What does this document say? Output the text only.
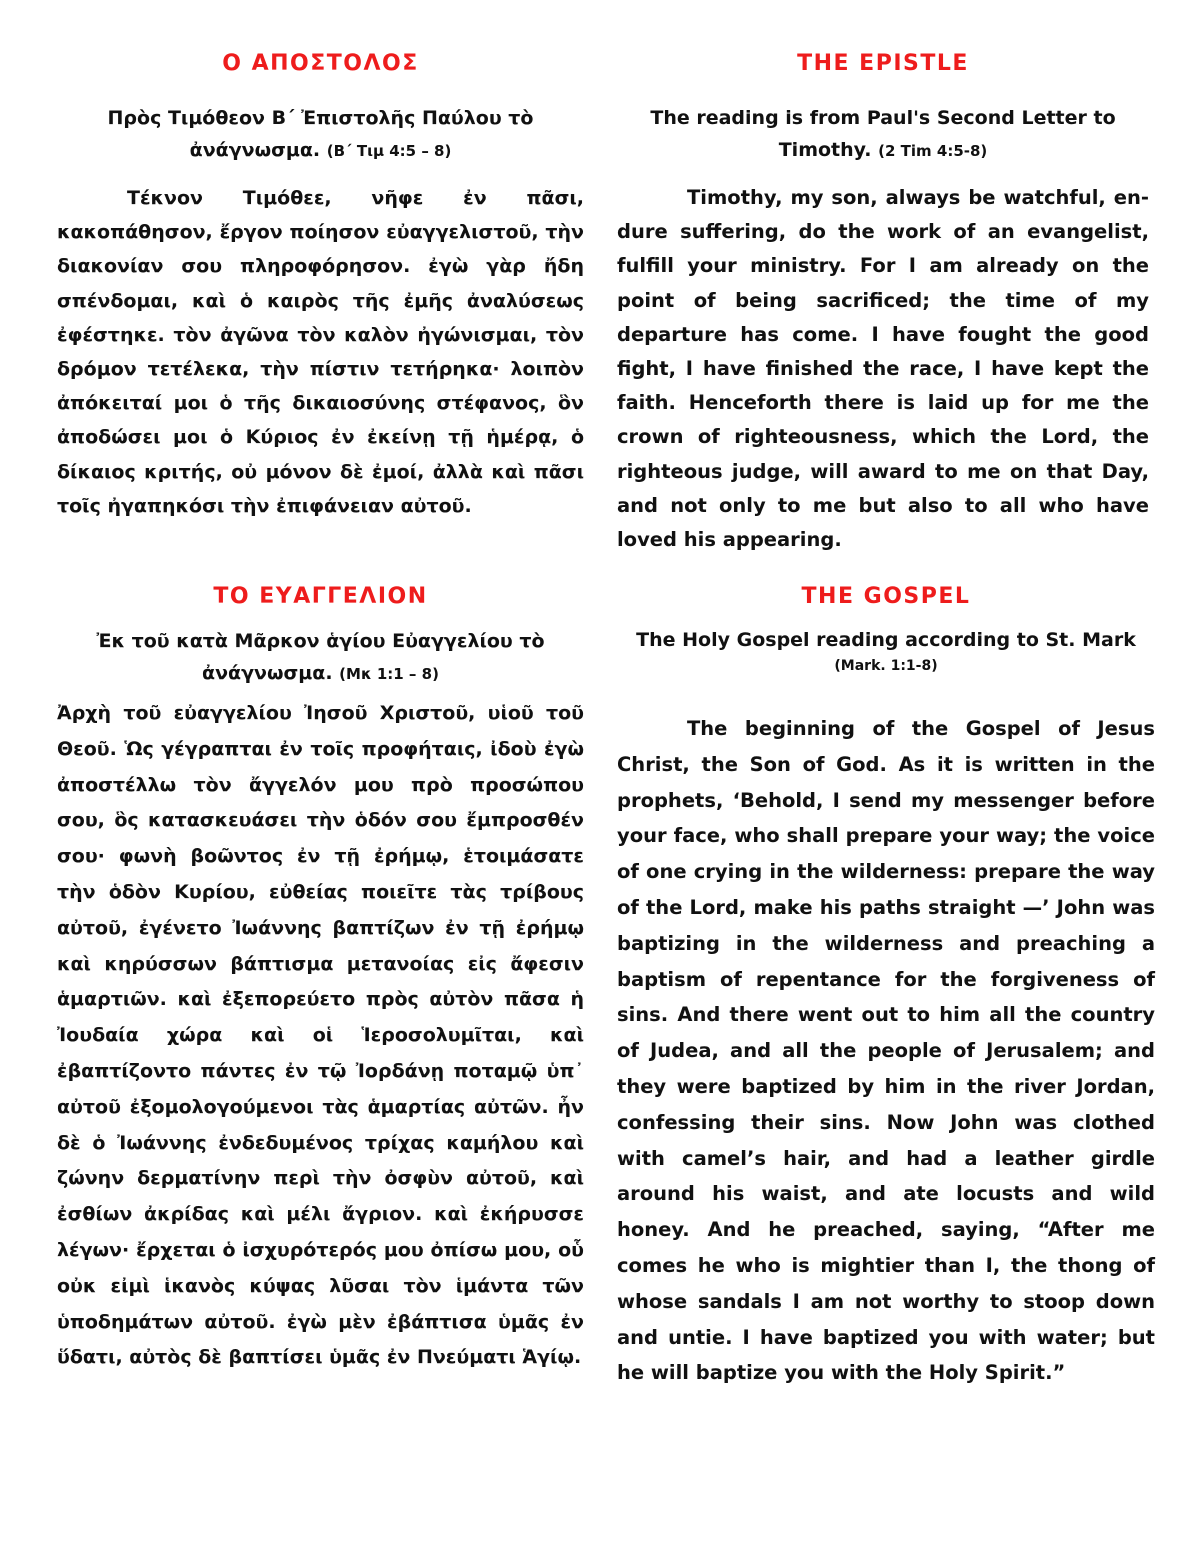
Ο ΑΠΟΣΤΟΛΟΣ

Πρὸς Τιμόθεον Β΄ Ἐπιστολῆς Παύλου τὸ ἀνάγνωσμα. (Β΄ Τιμ 4:5 – 8)

Τέκνον Τιμόθεε, νῆφε ἐν πᾶσι, κακοπάθησον, ἔργον ποίησον εὐαγγελιστοῦ, τὴν διακονίαν σου πληροφόρησον. ἐγὼ γὰρ ἤδη σπένδομαι, καὶ ὁ καιρὸς τῆς ἐμῆς ἀναλύσεως ἐφέστηκε. τὸν ἀγῶνα τὸν καλὸν ἠγώνισμαι, τὸν δρόμον τετέλεκα, τὴν πίστιν τετήρηκα· λοιπὸν ἀπόκειταί μοι ὁ τῆς δικαιοσύνης στέφανος, ὃν ἀποδώσει μοι ὁ Κύριος ἐν ἐκείνῃ τῇ ἡμέρᾳ, ὁ δίκαιος κριτής, οὐ μόνον δὲ ἐμοί, ἀλλὰ καὶ πᾶσι τοῖς ἠγαπηκόσι τὴν ἐπιφάνειαν αὐτοῦ.

THE EPISTLE

The reading is from Paul's Second Letter to Timothy. (2 Tim 4:5-8)

Timothy, my son, always be watchful, endure suffering, do the work of an evangelist, fulfill your ministry. For I am already on the point of being sacrificed; the time of my departure has come. I have fought the good fight, I have finished the race, I have kept the faith. Henceforth there is laid up for me the crown of righteousness, which the Lord, the righteous judge, will award to me on that Day, and not only to me but also to all who have loved his appearing.

ΤΟ ΕΥΑΓΓΕΛΙΟΝ

Ἐκ τοῦ κατὰ Μᾶρκον ἁγίου Εὐαγγελίου τὸ ἀνάγνωσμα. (Μκ 1:1 – 8)

Ἀρχὴ τοῦ εὐαγγελίου Ἰησοῦ Χριστοῦ, υἱοῦ τοῦ Θεοῦ. Ὡς γέγραπται ἐν τοῖς προφήταις, ἰδοὺ ἐγὼ ἀποστέλλω τὸν ἄγγελόν μου πρὸ προσώπου σου, ὃς κατασκευάσει τὴν ὁδόν σου ἔμπροσθέν σου· φωνὴ βοῶντος ἐν τῇ ἐρήμῳ, ἑτοιμάσατε τὴν ὁδὸν Κυρίου, εὐθείας ποιεῖτε τὰς τρίβους αὐτοῦ, ἐγένετο Ἰωάννης βαπτίζων ἐν τῇ ἐρήμῳ καὶ κηρύσσων βάπτισμα μετανοίας εἰς ἄφεσιν ἁμαρτιῶν. καὶ ἐξεπορεύετο πρὸς αὐτὸν πᾶσα ἡ Ἰουδαία χώρα καὶ οἱ Ἱεροσολυμῖται, καὶ ἐβαπτίζοντο πάντες ἐν τῷ Ἰορδάνῃ ποταμῷ ὑπ᾿ αὐτοῦ ἐξομολογούμενοι τὰς ἁμαρτίας αὐτῶν. ἦν δὲ ὁ Ἰωάννης ἐνδεδυμένος τρίχας καμήλου καὶ ζώνην δερματίνην περὶ τὴν ὀσφὺν αὐτοῦ, καὶ ἐσθίων ἀκρίδας καὶ μέλι ἄγριον. καὶ ἐκήρυσσε λέγων· ἔρχεται ὁ ἰσχυρότερός μου ὀπίσω μου, οὗ οὐκ εἰμὶ ἱκανὸς κύψας λῦσαι τὸν ἱμάντα τῶν ὑποδημάτων αὐτοῦ. ἐγὼ μὲν ἐβάπτισα ὑμᾶς ἐν ὕδατι, αὐτὸς δὲ βαπτίσει ὑμᾶς ἐν Πνεύματι Ἁγίῳ.

THE GOSPEL

The Holy Gospel reading according to St. Mark

(Mark. 1:1-8)

The beginning of the Gospel of Jesus Christ, the Son of God. As it is written in the prophets, ‘Behold, I send my messenger before your face, who shall prepare your way; the voice of one crying in the wilderness: prepare the way of the Lord, make his paths straight —’ John was baptizing in the wilderness and preaching a baptism of repentance for the forgiveness of sins. And there went out to him all the country of Judea, and all the people of Jerusalem; and they were baptized by him in the river Jordan, confessing their sins. Now John was clothed with camel’s hair, and had a leather girdle around his waist, and ate locusts and wild honey. And he preached, saying, “After me comes he who is mightier than I, the thong of whose sandals I am not worthy to stoop down and untie. I have baptized you with water; but he will baptize you with the Holy Spirit.”
